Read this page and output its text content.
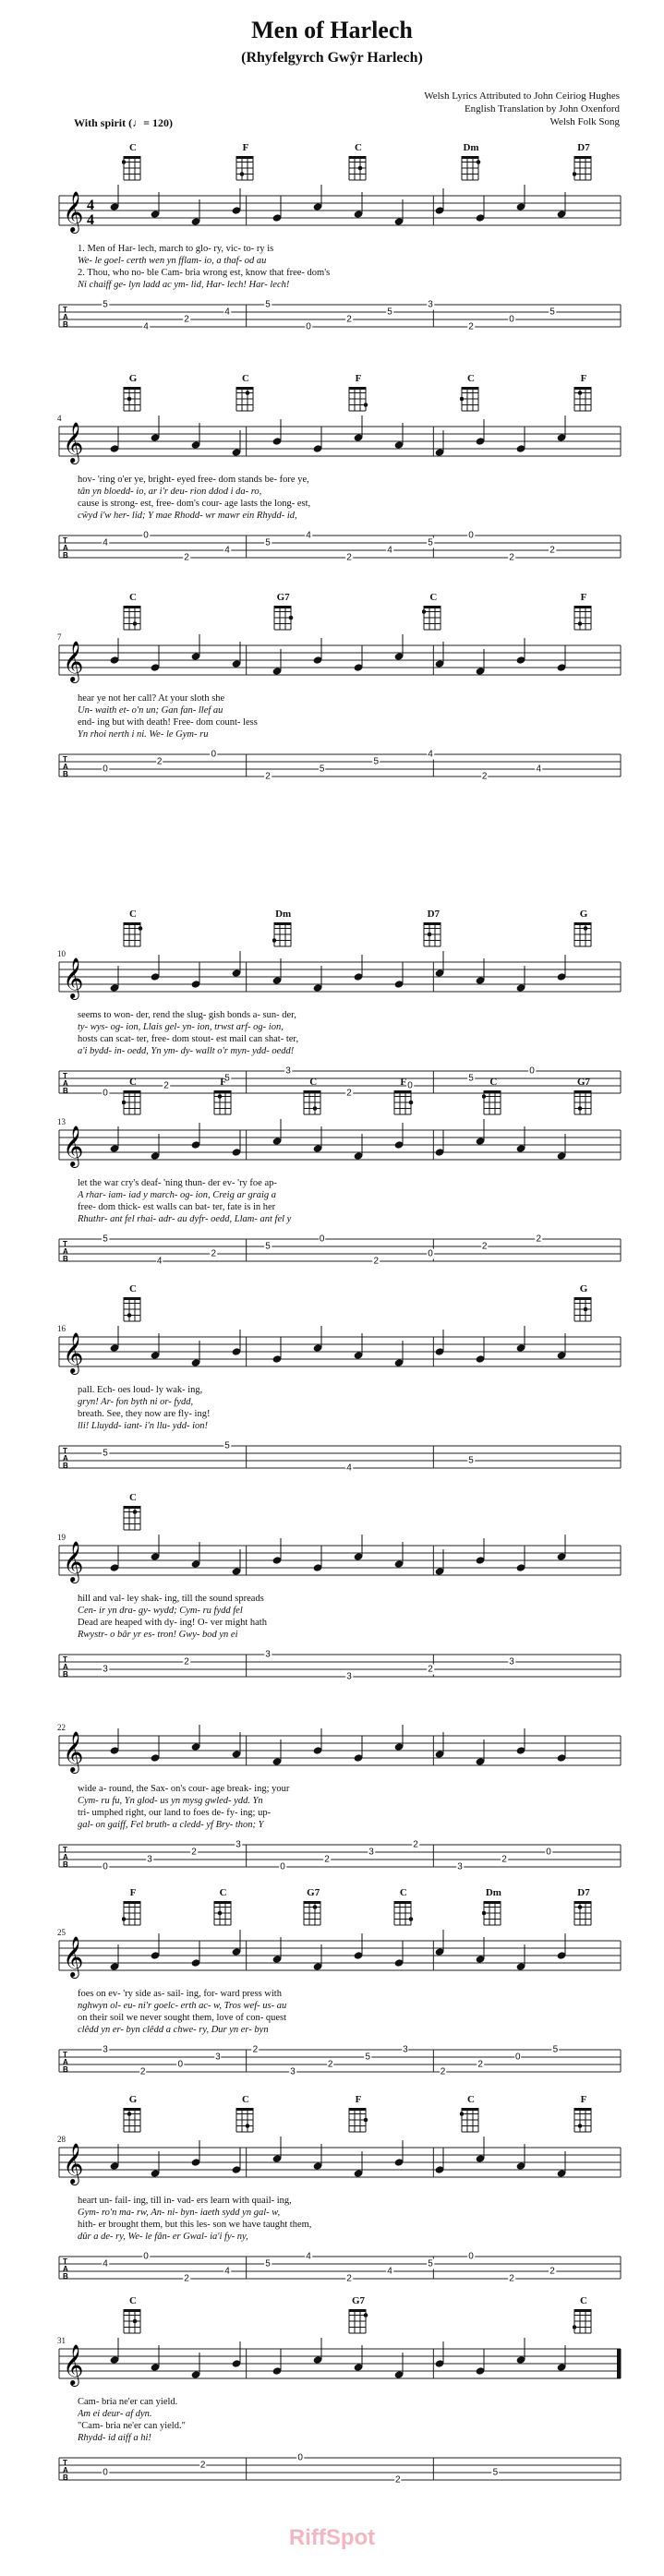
Men of Harlech
(Rhyfelgyrch Gwŷr Harlech)
Welsh Lyrics Attributed to John Ceiriog Hughes
English Translation by John Oxenford
Welsh Folk Song
With spirit (♩= 120)
𝄞 4
4
T
A
B
C	F	C	Dm	D7
1. Men of Har- lech, march to glo- ry, vic- to- ry is
We- le goel- certh wen yn fflam- io, a thaf- od au
2. Thou, who no- ble Cam- bria wrong est, know that free- dom's
Ni chaiff ge- lyn ladd ac ym- lid, Har- lech! Har- lech!
5
4
2
4
5
0
2
5
3
2
0
5
𝄞
T
A
B
4
G	C	F	C	F
hov- 'ring o'er ye, bright- eyed free- dom stands be- fore ye,
tân yn bloedd- io, ar i'r deu- rion ddod i da- ro,
cause is strong- est, free- dom's cour- age lasts the long- est,
cŵyd i'w her- lid; Y mae Rhodd- wr mawr ein Rhydd- id,
4
0
2
4
5
4
2
4
5
0
2
2
𝄞
T
A
B
7
C	G7	C	F
hear ye not her call? At your sloth she
Un- waith et- o'n un; Gan fan- llef au
end- ing but with death! Free- dom count- less
Yn rhoi nerth i ni. We- le Gym- ru
0
2
0
2
5
5
4
2
4
𝄞
T
A
B
10
C	Dm	D7	G
seems to won- der, rend the slug- gish bonds a- sun- der,
ty- wys- og- ion, Llais gel- yn- ion, trwst arf- og- ion,
hosts can scat- ter, free- dom stout- est mail can shat- ter,
a'i bydd- in- oedd, Yn ym- dy- wallt o'r myn- ydd- oedd!
0
2
5
3
2
0
5
0
𝄞
T
A
B
13
C	F	C	F	C	G7
let the war cry's deaf- 'ning thun- der ev- 'ry foe ap-
A rhar- iam- iad y march- og- ion, Creig ar graig a
free- dom thick- est walls can bat- ter, fate is in her
Rhuthr- ant fel rhai- adr- au dyfr- oedd, Llam- ant fel y
5
4
2
5
0
2
0
2
2
𝄞
T
A
B
16
C	G
pall. Ech- oes loud- ly wak- ing,
gryn! Ar- fon byth ni or- fydd,
breath. See, they now are fly- ing!
lli! Lluydd- iant- i'n llu- ydd- ion!
5
5
4
5
𝄞
T
A
B
19
C
hill and val- ley shak- ing, till the sound spreads
Cen- ir yn dra- gy- wydd; Cym- ru fydd fel
Dead are heaped with dy- ing! O- ver might hath
Rwystr- o bâr yr es- tron! Gwy- bod yn ei
3
2
3
3
2
3
𝄞
T
A
B
22
wide a- round, the Sax- on's cour- age break- ing; your
Cym- ru fu, Yn glod- us yn mysg gwled- ydd. Yn
tri- umphed right, our land to foes de- fy- ing; up-
gal- on gaiff, Fel bruth- a cledd- yf Bry- thon; Y
0
3
2
3
0
2
3
2
3
2
0
𝄞
T
A
B
25
F	C	G7	C	Dm	D7
foes on ev- 'ry side as- sail- ing, for- ward press with
nghwyn ol- eu- ni'r goelc- erth ac- w, Tros wef- us- au
on their soil we never sought them, love of con- quest
clêdd yn er- byn clêdd a chwe- ry, Dur yn er- byn
3
2
0
3
2
3
2
5
3
2
2
0
5
𝄞
T
A
B
28
G	C	F	C	F
heart un- fail- ing, till in- vad- ers learn with quail- ing,
Gym- ro'n ma- rw, An- ni- byn- iaeth sydd yn gal- w,
hith- er brought them, but this les- son we have taught them,
dûr a de- ry, We- le fân- er Gwal- ia'i fy- ny,
4
0
2
4
5
4
2
4
5
0
2
2
𝄞
T
A
B
31
C	G7	C
Cam- bria ne'er can yield.
Am ei deur- af dyn.
"Cam- bria ne'er can yield."
Rhydd- id aiff a hi!
0
2
0
2
5
RiffSpot
